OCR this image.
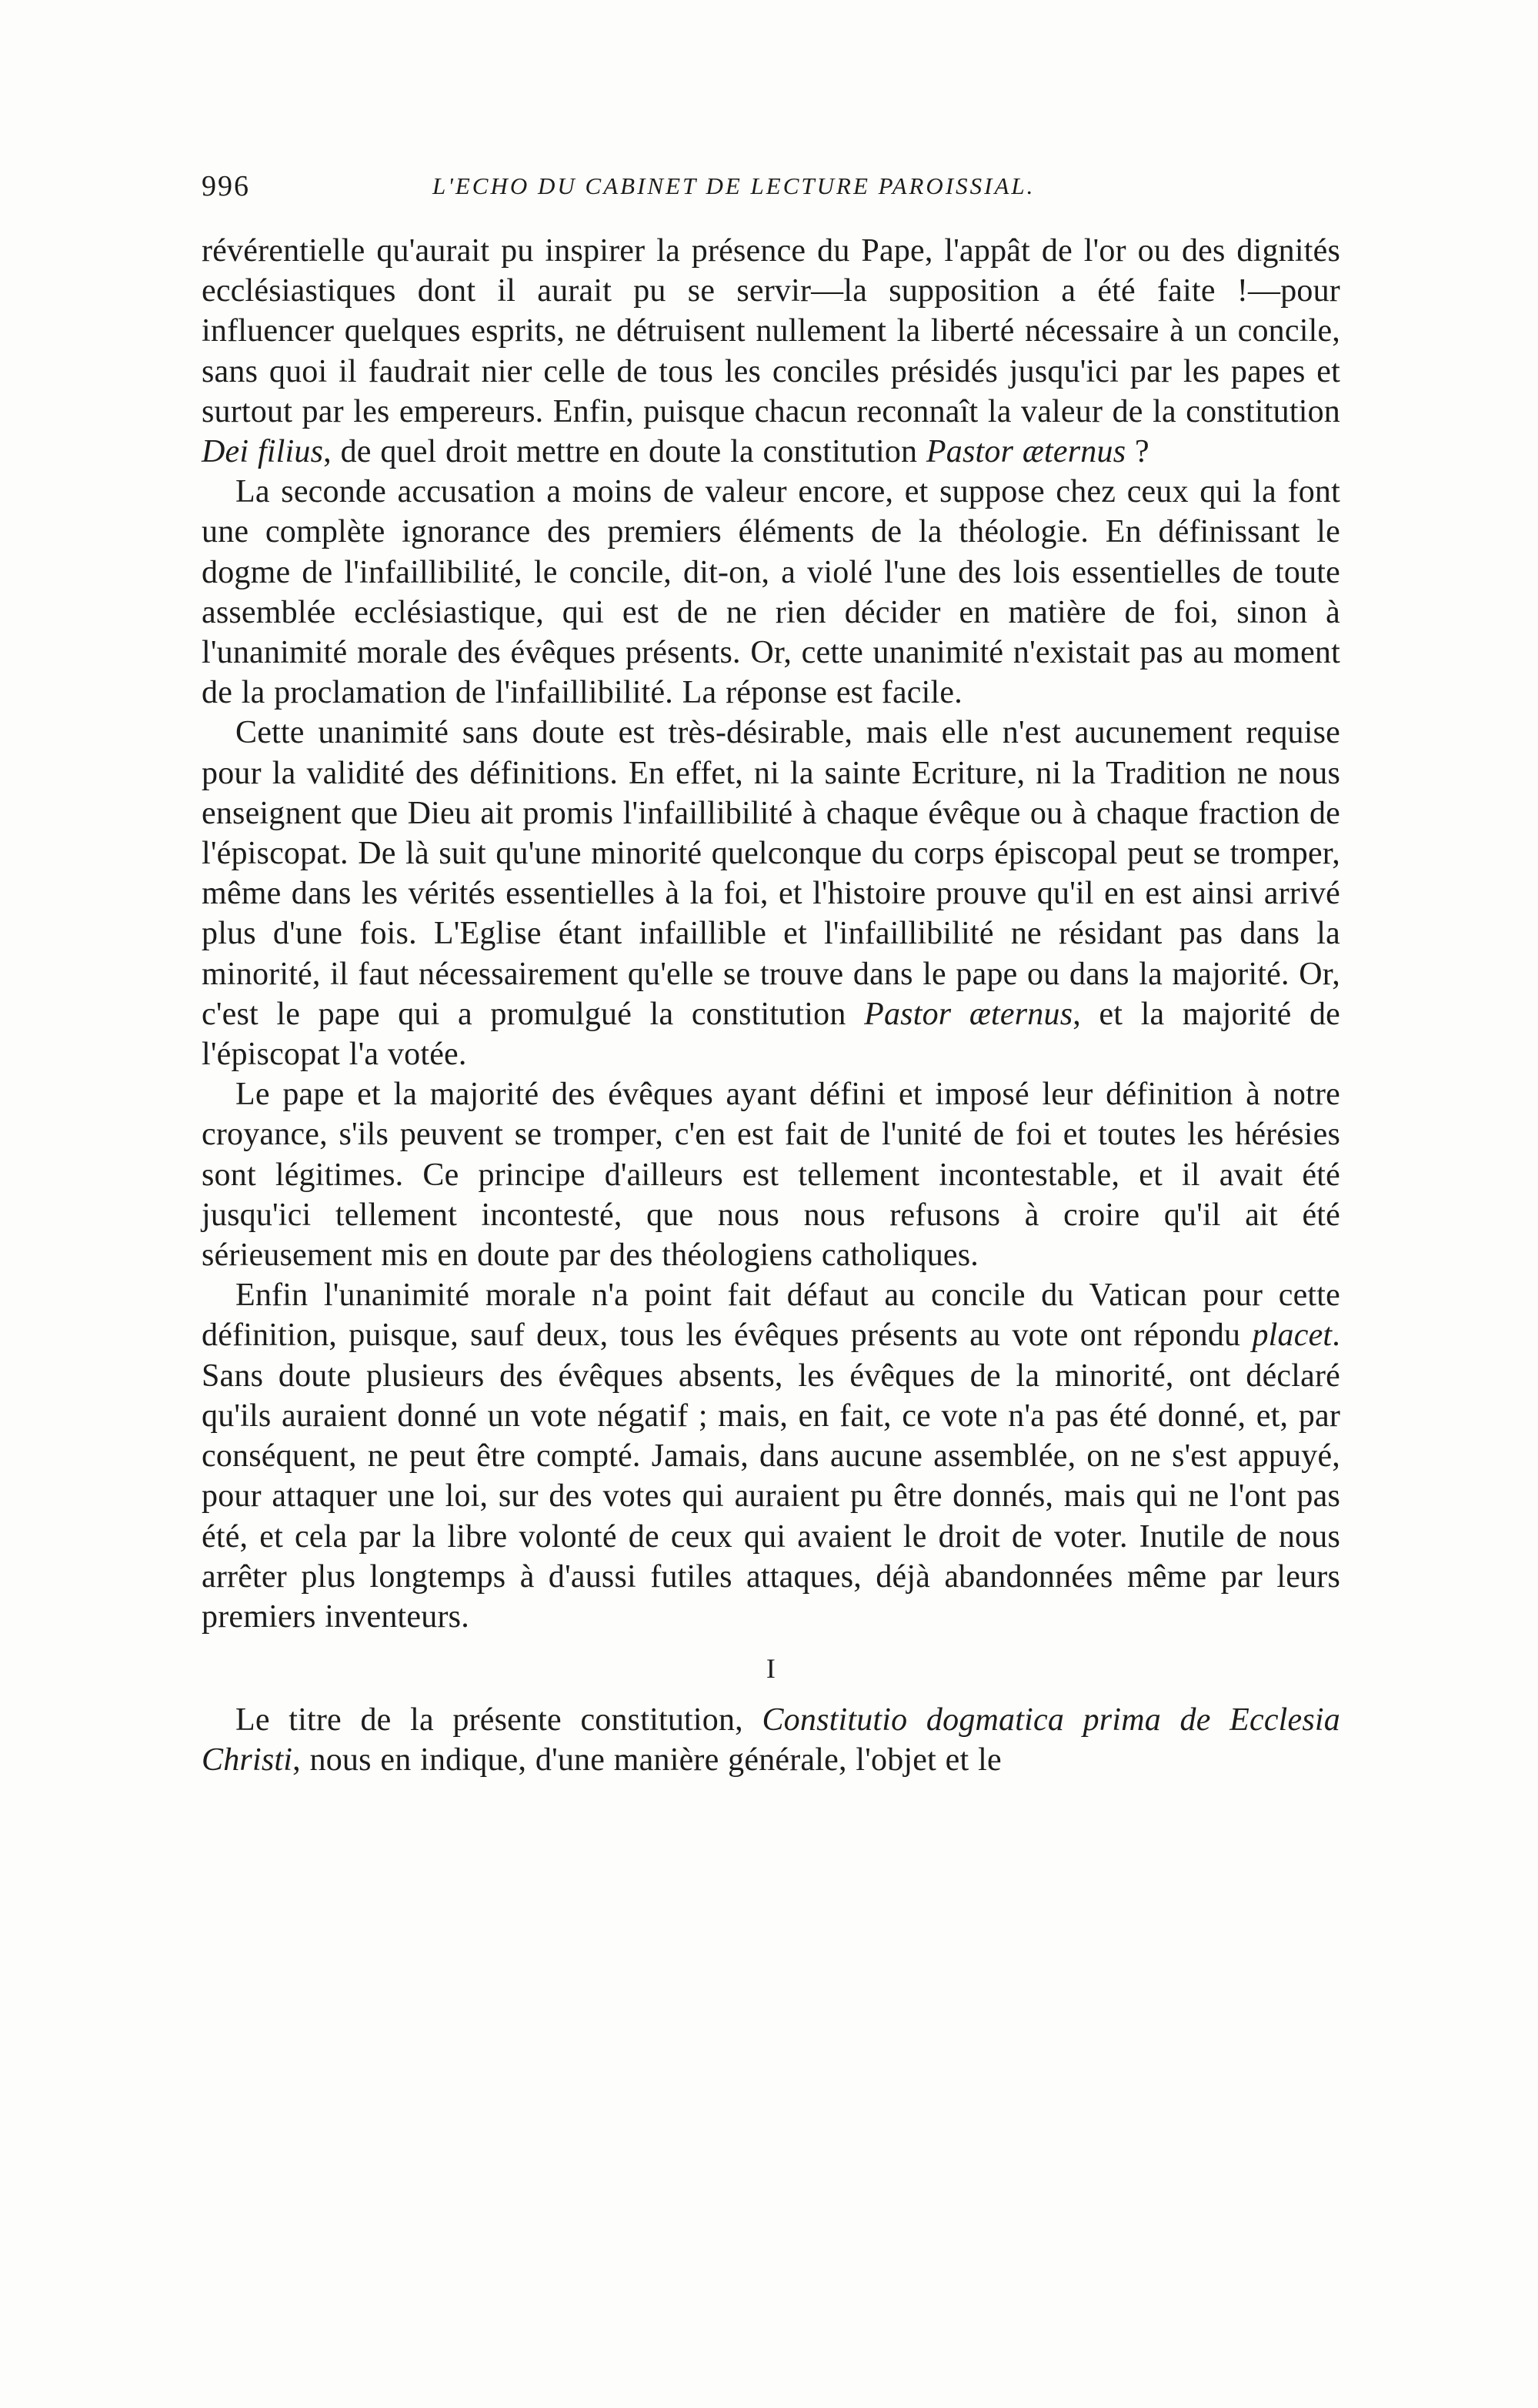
996	L'ECHO DU CABINET DE LECTURE PAROISSIAL.

révérentielle qu'aurait pu inspirer la présence du Pape, l'appât de l'or ou des dignités ecclésiastiques dont il aurait pu se servir—la supposition a été faite !—pour influencer quelques esprits, ne détruisent nullement la liberté nécessaire à un concile, sans quoi il faudrait nier celle de tous les conciles présidés jusqu'ici par les papes et surtout par les empereurs. Enfin, puisque chacun reconnaît la valeur de la constitution Dei filius, de quel droit mettre en doute la constitution Pastor æternus ?

La seconde accusation a moins de valeur encore, et suppose chez ceux qui la font une complète ignorance des premiers éléments de la théologie. En définissant le dogme de l'infaillibilité, le concile, dit-on, a violé l'une des lois essentielles de toute assemblée ecclésiastique, qui est de ne rien décider en matière de foi, sinon à l'unanimité morale des évêques présents. Or, cette unanimité n'existait pas au moment de la proclamation de l'infaillibilité. La réponse est facile.

Cette unanimité sans doute est très-désirable, mais elle n'est aucunement requise pour la validité des définitions. En effet, ni la sainte Ecriture, ni la Tradition ne nous enseignent que Dieu ait promis l'infaillibilité à chaque évêque ou à chaque fraction de l'épiscopat. De là suit qu'une minorité quelconque du corps épiscopal peut se tromper, même dans les vérités essentielles à la foi, et l'histoire prouve qu'il en est ainsi arrivé plus d'une fois. L'Eglise étant infaillible et l'infaillibilité ne résidant pas dans la minorité, il faut nécessairement qu'elle se trouve dans le pape ou dans la majorité. Or, c'est le pape qui a promulgué la constitution Pastor æternus, et la majorité de l'épiscopat l'a votée.

Le pape et la majorité des évêques ayant défini et imposé leur définition à notre croyance, s'ils peuvent se tromper, c'en est fait de l'unité de foi et toutes les hérésies sont légitimes. Ce principe d'ailleurs est tellement incontestable, et il avait été jusqu'ici tellement incontesté, que nous nous refusons à croire qu'il ait été sérieusement mis en doute par des théologiens catholiques.

Enfin l'unanimité morale n'a point fait défaut au concile du Vatican pour cette définition, puisque, sauf deux, tous les évêques présents au vote ont répondu placet. Sans doute plusieurs des évêques absents, les évêques de la minorité, ont déclaré qu'ils auraient donné un vote négatif ; mais, en fait, ce vote n'a pas été donné, et, par conséquent, ne peut être compté. Jamais, dans aucune assemblée, on ne s'est appuyé, pour attaquer une loi, sur des votes qui auraient pu être donnés, mais qui ne l'ont pas été, et cela par la libre volonté de ceux qui avaient le droit de voter. Inutile de nous arrêter plus longtemps à d'aussi futiles attaques, déjà abandonnées même par leurs premiers inventeurs.

I

Le titre de la présente constitution, Constitutio dogmatica prima de Ecclesia Christi, nous en indique, d'une manière générale, l'objet et le
